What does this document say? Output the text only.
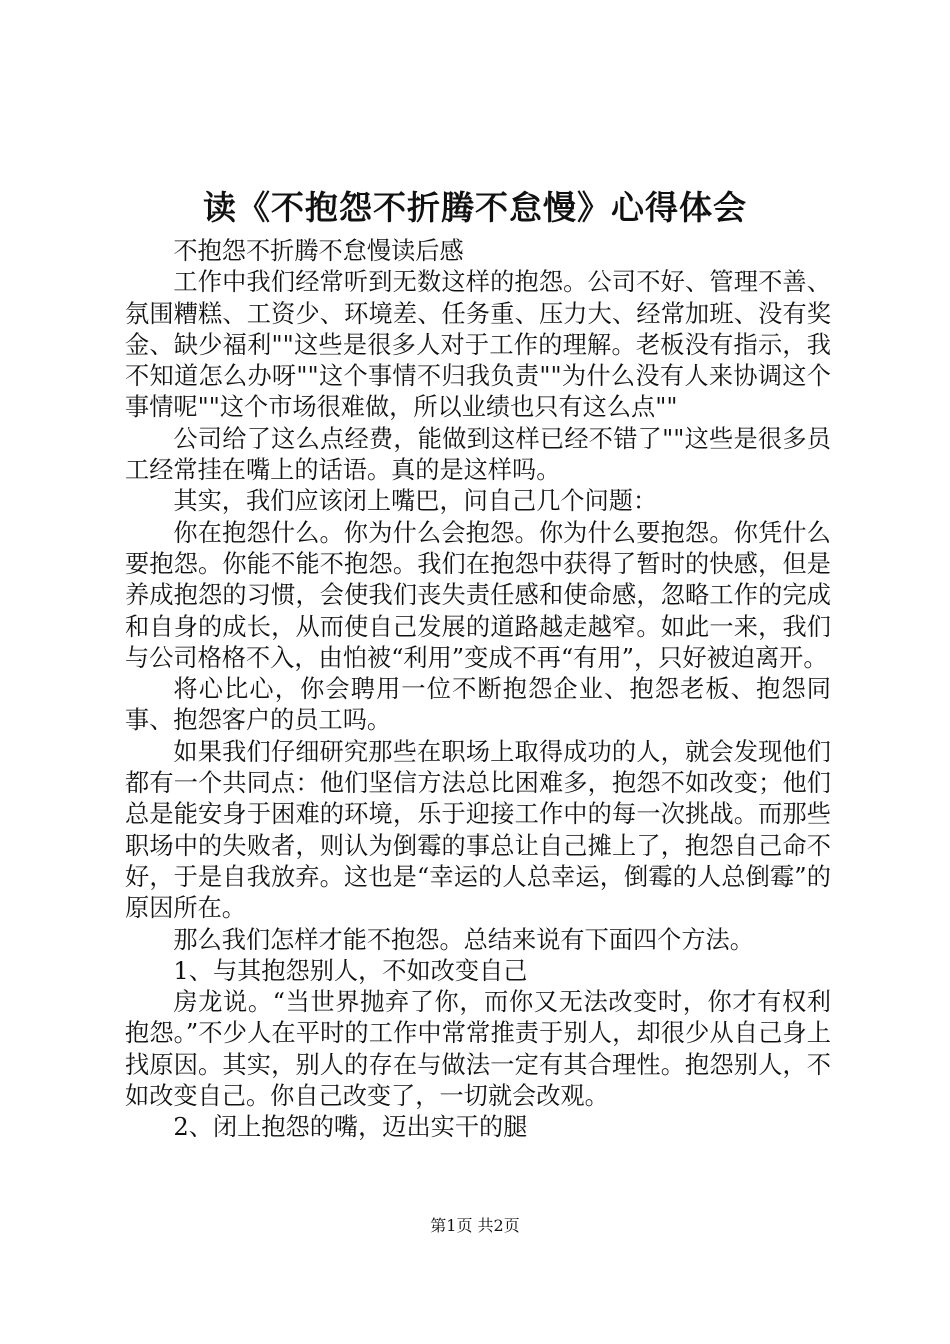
读《不抱怨不折腾不怠慢》心得体会

不抱怨不折腾不怠慢读后感

工作中我们经常听到无数这样的抱怨。公司不好、管理不善、氛围糟糕、工资少、环境差、任务重、压力大、经常加班、没有奖金、缺少福利""这些是很多人对于工作的理解。老板没有指示，我不知道怎么办呀""这个事情不归我负责""为什么没有人来协调这个事情呢""这个市场很难做，所以业绩也只有这么点""

公司给了这么点经费，能做到这样已经不错了""这些是很多员工经常挂在嘴上的话语。真的是这样吗。

其实，我们应该闭上嘴巴，问自己几个问题：

你在抱怨什么。你为什么会抱怨。你为什么要抱怨。你凭什么要抱怨。你能不能不抱怨。我们在抱怨中获得了暂时的快感，但是养成抱怨的习惯，会使我们丧失责任感和使命感，忽略工作的完成和自身的成长，从而使自己发展的道路越走越窄。如此一来，我们与公司格格不入，由怕被“利用”变成不再“有用”，只好被迫离开。

将心比心，你会聘用一位不断抱怨企业、抱怨老板、抱怨同事、抱怨客户的员工吗。

如果我们仔细研究那些在职场上取得成功的人，就会发现他们都有一个共同点：他们坚信方法总比困难多，抱怨不如改变；他们总是能安身于困难的环境，乐于迎接工作中的每一次挑战。而那些职场中的失败者，则认为倒霉的事总让自己摊上了，抱怨自己命不好，于是自我放弃。这也是“幸运的人总幸运，倒霉的人总倒霉”的原因所在。

那么我们怎样才能不抱怨。总结来说有下面四个方法。

1、与其抱怨别人，不如改变自己

房龙说。“当世界抛弃了你，而你又无法改变时，你才有权利抱怨。”不少人在平时的工作中常常推责于别人，却很少从自己身上找原因。其实，别人的存在与做法一定有其合理性。抱怨别人，不如改变自己。你自己改变了，一切就会改观。

2、闭上抱怨的嘴，迈出实干的腿

第1页 共2页
